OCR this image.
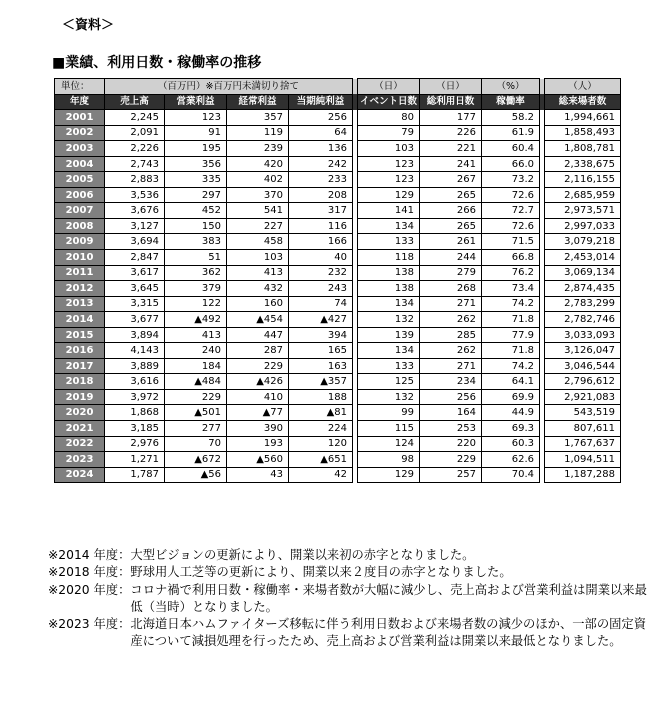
＜資料＞
■業績、利用日数・稼働率の推移
単位：	（百万円）※百万円未満切り捨て					（日）	（日）	（%）		（人）
年度	売上高	営業利益	経常利益	当期純利益		イベント日数	総利用日数	稼働率		総来場者数
2001	2,245	123	357	256		80	177	58.2		1,994,661
2002	2,091	91	119	64		79	226	61.9		1,858,493
2003	2,226	195	239	136		103	221	60.4		1,808,781
2004	2,743	356	420	242		123	241	66.0		2,338,675
2005	2,883	335	402	233		123	267	73.2		2,116,155
2006	3,536	297	370	208		129	265	72.6		2,685,959
2007	3,676	452	541	317		141	266	72.7		2,973,571
2008	3,127	150	227	116		134	265	72.6		2,997,033
2009	3,694	383	458	166		133	261	71.5		3,079,218
2010	2,847	51	103	40		118	244	66.8		2,453,014
2011	3,617	362	413	232		138	279	76.2		3,069,134
2012	3,645	379	432	243		138	268	73.4		2,874,435
2013	3,315	122	160	74		134	271	74.2		2,783,299
2014	3,677	▲492	▲454	▲427		132	262	71.8		2,782,746
2015	3,894	413	447	394		139	285	77.9		3,033,093
2016	4,143	240	287	165		134	262	71.8		3,126,047
2017	3,889	184	229	163		133	271	74.2		3,046,544
2018	3,616	▲484	▲426	▲357		125	234	64.1		2,796,612
2019	3,972	229	410	188		132	256	69.9		2,921,083
2020	1,868	▲501	▲77	▲81		99	164	44.9		543,519
2021	3,185	277	390	224		115	253	69.3		807,611
2022	2,976	70	193	120		124	220	60.3		1,767,637
2023	1,271	▲672	▲560	▲651		98	229	62.6		1,094,511
2024	1,787	▲56	43	42		129	257	70.4		1,187,288
※2014 年度： 大型ビジョンの更新により、開業以来初の赤字となりました。
※2018 年度： 野球用人工芝等の更新により、開業以来２度目の赤字となりました。
※2020 年度： コロナ禍で利用日数・稼働率・来場者数が大幅に減少し、売上高および営業利益は開業以来最低（当時）となりました。
※2023 年度： 北海道日本ハムファイターズ移転に伴う利用日数および来場者数の減少のほか、一部の固定資産について減損処理を行ったため、売上高および営業利益は開業以来最低となりました。
